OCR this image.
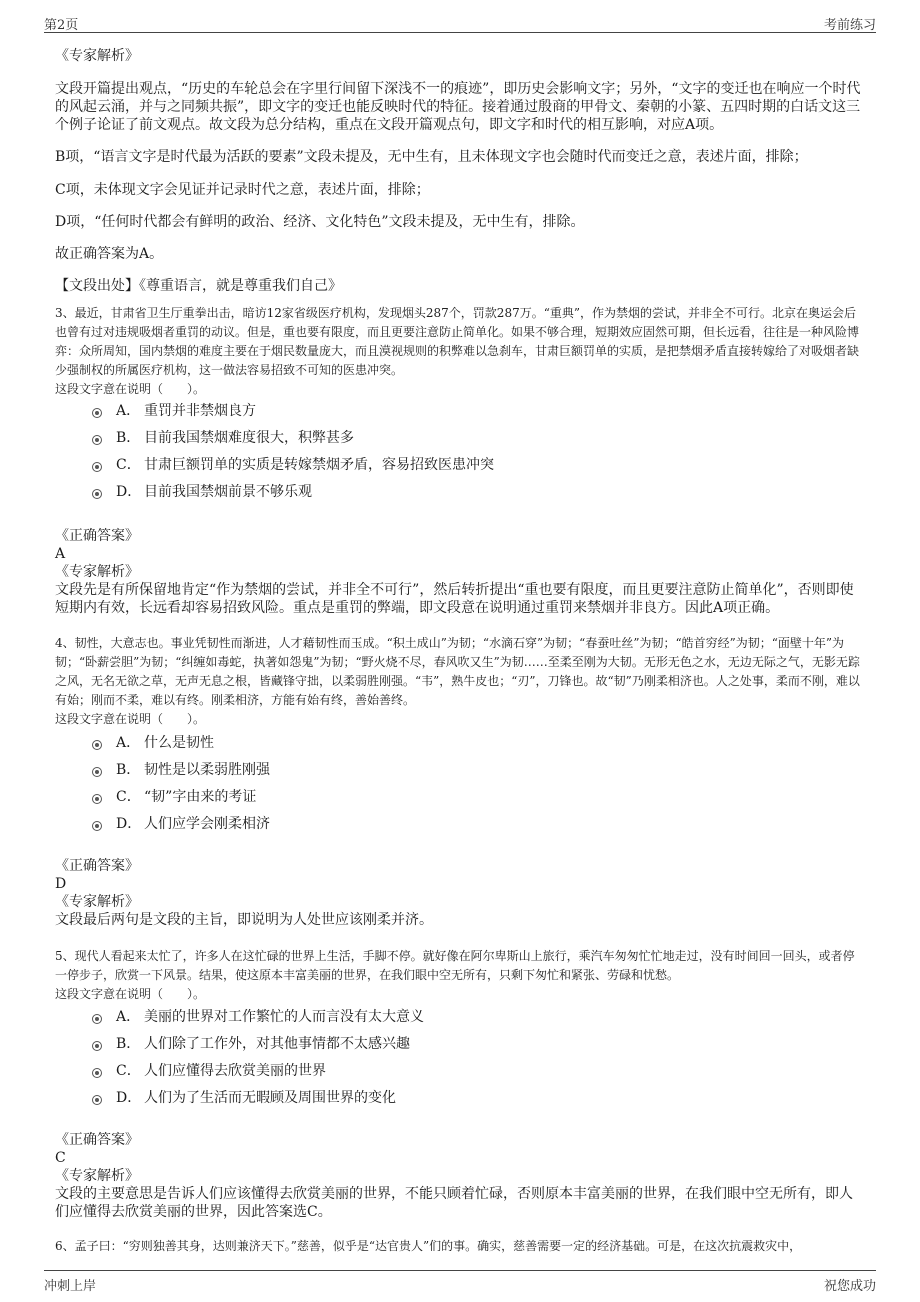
第2页	考前练习

《专家解析》

文段开篇提出观点，“历史的车轮总会在字里行间留下深浅不一的痕迹”，即历史会影响文字；另外，“文字的变迁也在响应一个时代的风起云涌，并与之同频共振”，即文字的变迁也能反映时代的特征。接着通过殷商的甲骨文、秦朝的小篆、五四时期的白话文这三个例子论证了前文观点。故文段为总分结构，重点在文段开篇观点句，即文字和时代的相互影响，对应A项。

B项，“语言文字是时代最为活跃的要素”文段未提及，无中生有，且未体现文字也会随时代而变迁之意，表述片面，排除；

C项，未体现文字会见证并记录时代之意，表述片面，排除；

D项，“任何时代都会有鲜明的政治、经济、文化特色”文段未提及，无中生有，排除。

故正确答案为A。

【文段出处】《尊重语言，就是尊重我们自己》

3、最近，甘肃省卫生厅重拳出击，暗访12家省级医疗机构，发现烟头287个，罚款287万。“重典”，作为禁烟的尝试，并非全不可行。北京在奥运会后也曾有过对违规吸烟者重罚的动议。但是，重也要有限度，而且更要注意防止简单化。如果不够合理，短期效应固然可期，但长远看，往往是一种风险博弈：众所周知，国内禁烟的难度主要在于烟民数量庞大，而且漠视规则的积弊难以急刹车，甘肃巨额罚单的实质，是把禁烟矛盾直接转嫁给了对吸烟者缺少强制权的所属医疗机构，这一做法容易招致不可知的医患冲突。

这段文字意在说明（　　）。

A． 重罚并非禁烟良方
B． 目前我国禁烟难度很大，积弊甚多
C． 甘肃巨额罚单的实质是转嫁禁烟矛盾，容易招致医患冲突
D． 目前我国禁烟前景不够乐观

《正确答案》

A

《专家解析》

文段先是有所保留地肯定“作为禁烟的尝试，并非全不可行”，然后转折提出“重也要有限度，而且更要注意防止简单化”，否则即使短期内有效，长远看却容易招致风险。重点是重罚的弊端，即文段意在说明通过重罚来禁烟并非良方。因此A项正确。

4、韧性，大意志也。事业凭韧性而渐进，人才藉韧性而玉成。“积土成山”为韧；“水滴石穿”为韧；“春蚕吐丝”为韧；“皓首穷经”为韧；“面壁十年”为韧；“卧薪尝胆”为韧；“纠缠如毒蛇，执著如怨鬼”为韧；“野火烧不尽，春风吹又生”为韧……至柔至刚为大韧。无形无色之水，无边无际之气，无影无踪之风，无名无欲之草，无声无息之根，皆藏锋守拙，以柔弱胜刚强。“韦”，熟牛皮也；“刃”，刀锋也。故“韧”乃刚柔相济也。人之处事，柔而不刚，难以有始；刚而不柔，难以有终。刚柔相济，方能有始有终，善始善终。

这段文字意在说明（　　）。

A． 什么是韧性
B． 韧性是以柔弱胜刚强
C． “韧”字由来的考证
D． 人们应学会刚柔相济

《正确答案》

D

《专家解析》

文段最后两句是文段的主旨，即说明为人处世应该刚柔并济。

5、现代人看起来太忙了，许多人在这忙碌的世界上生活，手脚不停。就好像在阿尔卑斯山上旅行，乘汽车匆匆忙忙地走过，没有时间回一回头，或者停一停步子，欣赏一下风景。结果，使这原本丰富美丽的世界，在我们眼中空无所有，只剩下匆忙和紧张、劳碌和忧愁。

这段文字意在说明（　　）。

A． 美丽的世界对工作繁忙的人而言没有太大意义
B． 人们除了工作外，对其他事情都不太感兴趣
C． 人们应懂得去欣赏美丽的世界
D． 人们为了生活而无暇顾及周围世界的变化

《正确答案》

C

《专家解析》

文段的主要意思是告诉人们应该懂得去欣赏美丽的世界，不能只顾着忙碌，否则原本丰富美丽的世界，在我们眼中空无所有，即人们应懂得去欣赏美丽的世界，因此答案选C。

6、孟子曰：“穷则独善其身，达则兼济天下。”慈善，似乎是“达官贵人”们的事。确实，慈善需要一定的经济基础。可是，在这次抗震救灾中，

冲刺上岸	祝您成功
